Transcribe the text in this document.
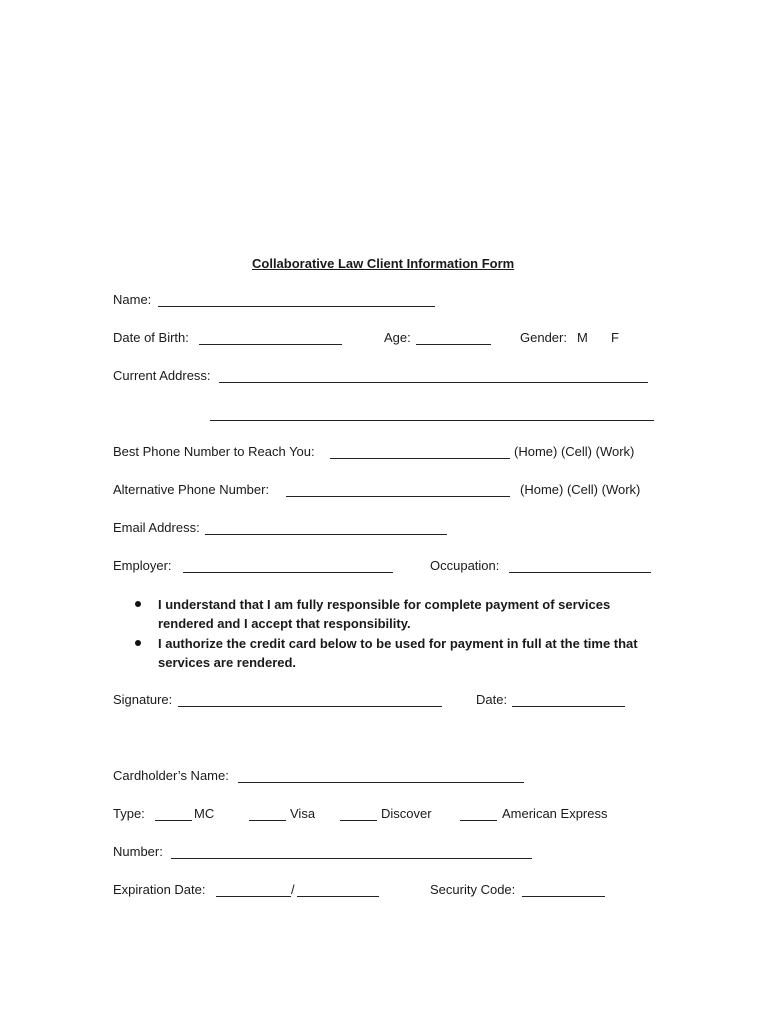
Collaborative Law Client Information Form
Name:
Date of Birth:	Age:	Gender: M F
Current Address:
Best Phone Number to Reach You:	(Home) (Cell) (Work)
Alternative Phone Number:	(Home) (Cell) (Work)
Email Address:
Employer:	Occupation:
I understand that I am fully responsible for complete payment of services rendered and I accept that responsibility.
I authorize the credit card below to be used for payment in full at the time that services are rendered.
Signature:	Date:
Cardholder’s Name:
Type:	MC	Visa	Discover	American Express
Number:
Expiration Date:	/	Security Code:
